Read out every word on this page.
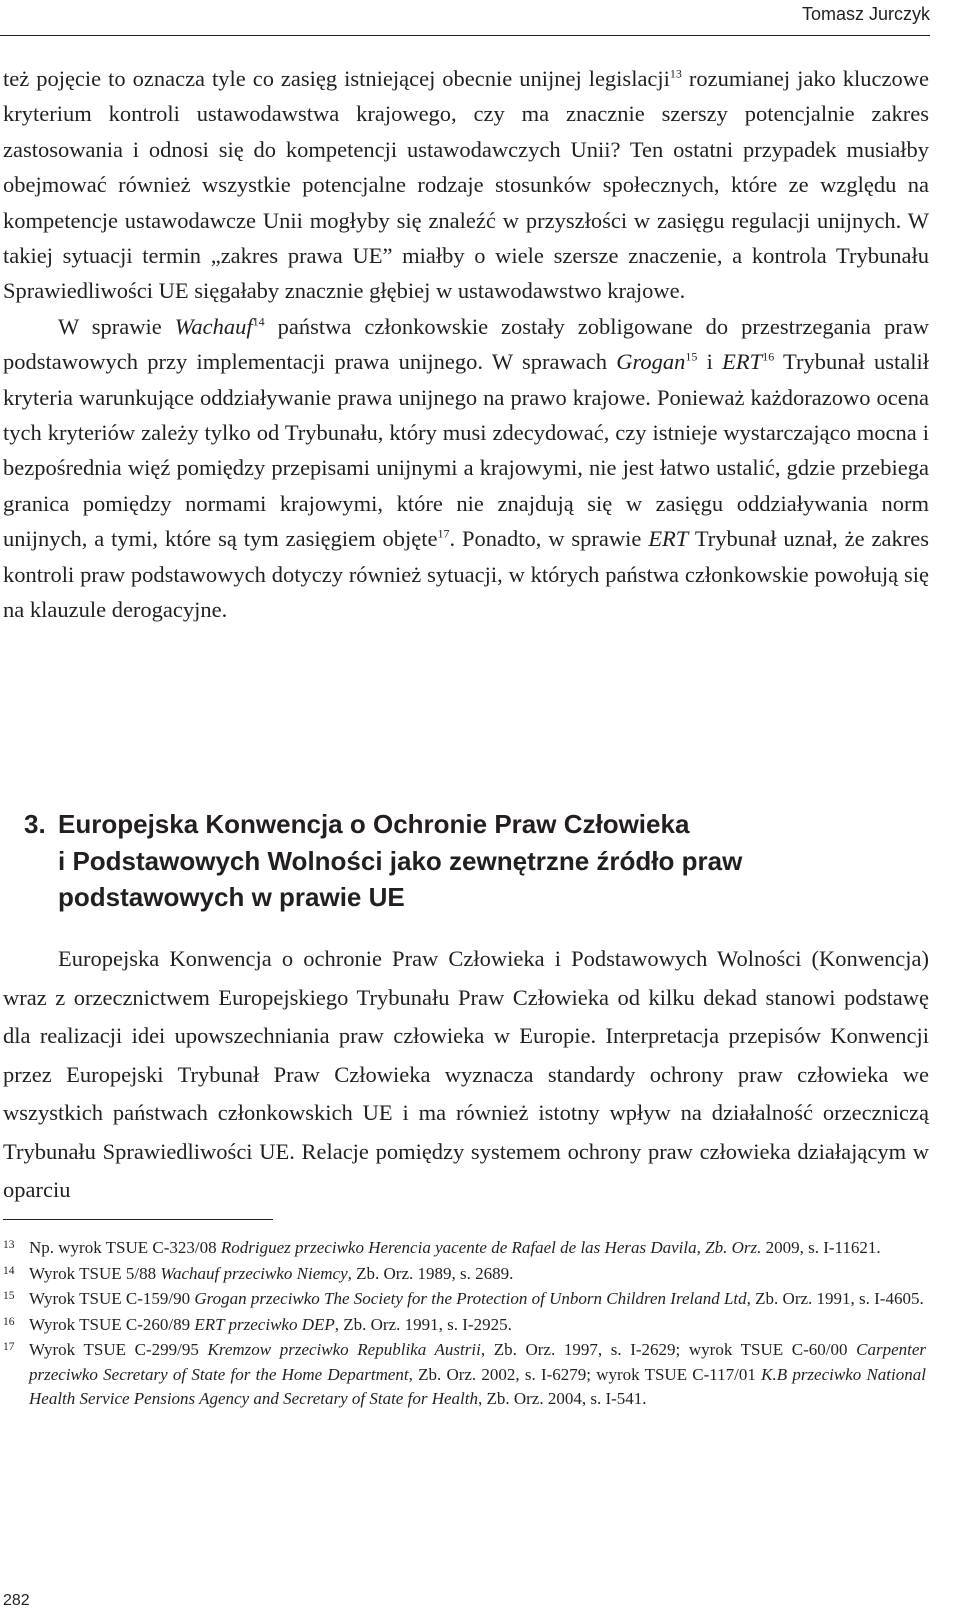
Tomasz Jurczyk

też pojęcie to oznacza tyle co zasięg istniejącej obecnie unijnej legislacji$^{13}$ rozumianej jako kluczowe kryterium kontroli ustawodawstwa krajowego, czy ma znacznie szerszy potencjalnie zakres zastosowania i odnosi się do kompetencji ustawodawczych Unii? Ten ostatni przypadek musiałby obejmować również wszystkie potencjalne rodzaje stosunków społecznych, które ze względu na kompetencje ustawodawcze Unii mogłyby się znaleźć w przyszłości w zasięgu regulacji unijnych. W takiej sytuacji termin „zakres prawa UE” miałby o wiele szersze znaczenie, a kontrola Trybunału Sprawiedliwości UE sięgałaby znacznie głębiej w ustawodawstwo krajowe.

W sprawie Wachauf$^{14}$ państwa członkowskie zostały zobligowane do przestrzegania praw podstawowych przy implementacji prawa unijnego. W sprawach Grogan$^{15}$ i ERT$^{16}$ Trybunał ustalił kryteria warunkujące oddziaływanie prawa unijnego na prawo krajowe. Ponieważ każdorazowo ocena tych kryteriów zależy tylko od Trybunału, który musi zdecydować, czy istnieje wystarczająco mocna i bezpośrednia więź pomiędzy przepisami unijnymi a krajowymi, nie jest łatwo ustalić, gdzie przebiega granica pomiędzy normami krajowymi, które nie znajdują się w zasięgu oddziaływania norm unijnych, a tymi, które są tym zasięgiem objęte$^{17}$. Ponadto, w sprawie ERT Trybunał uznał, że zakres kontroli praw podstawowych dotyczy również sytuacji, w których państwa członkowskie powołują się na klauzule derogacyjne.

3. Europejska Konwencja o Ochronie Praw Człowieka
i Podstawowych Wolności jako zewnętrzne źródło praw
podstawowych w prawie UE

Europejska Konwencja o ochronie Praw Człowieka i Podstawowych Wolności (Konwencja) wraz z orzecznictwem Europejskiego Trybunału Praw Człowieka od kilku dekad stanowi podstawę dla realizacji idei upowszechniania praw człowieka w Europie. Interpretacja przepisów Konwencji przez Europejski Trybunał Praw Człowieka wyznacza standardy ochrony praw człowieka we wszystkich państwach członkowskich UE i ma również istotny wpływ na działalność orzeczniczą Trybunału Sprawiedliwości UE. Relacje pomiędzy systemem ochrony praw człowieka działającym w oparciu

13 Np. wyrok TSUE C-323/08 Rodriguez przeciwko Herencia yacente de Rafael de las Heras Davila, Zb. Orz. 2009, s. I-11621.
14 Wyrok TSUE 5/88 Wachauf przeciwko Niemcy, Zb. Orz. 1989, s. 2689.
15 Wyrok TSUE C-159/90 Grogan przeciwko The Society for the Protection of Unborn Children Ireland Ltd, Zb. Orz. 1991, s. I-4605.
16 Wyrok TSUE C-260/89 ERT przeciwko DEP, Zb. Orz. 1991, s. I-2925.
17 Wyrok TSUE C-299/95 Kremzow przeciwko Republika Austrii, Zb. Orz. 1997, s. I-2629; wyrok TSUE C-60/00 Carpenter przeciwko Secretary of State for the Home Department, Zb. Orz. 2002, s. I-6279; wyrok TSUE C-117/01 K.B przeciwko National Health Service Pensions Agency and Secretary of State for Health, Zb. Orz. 2004, s. I-541.
282
